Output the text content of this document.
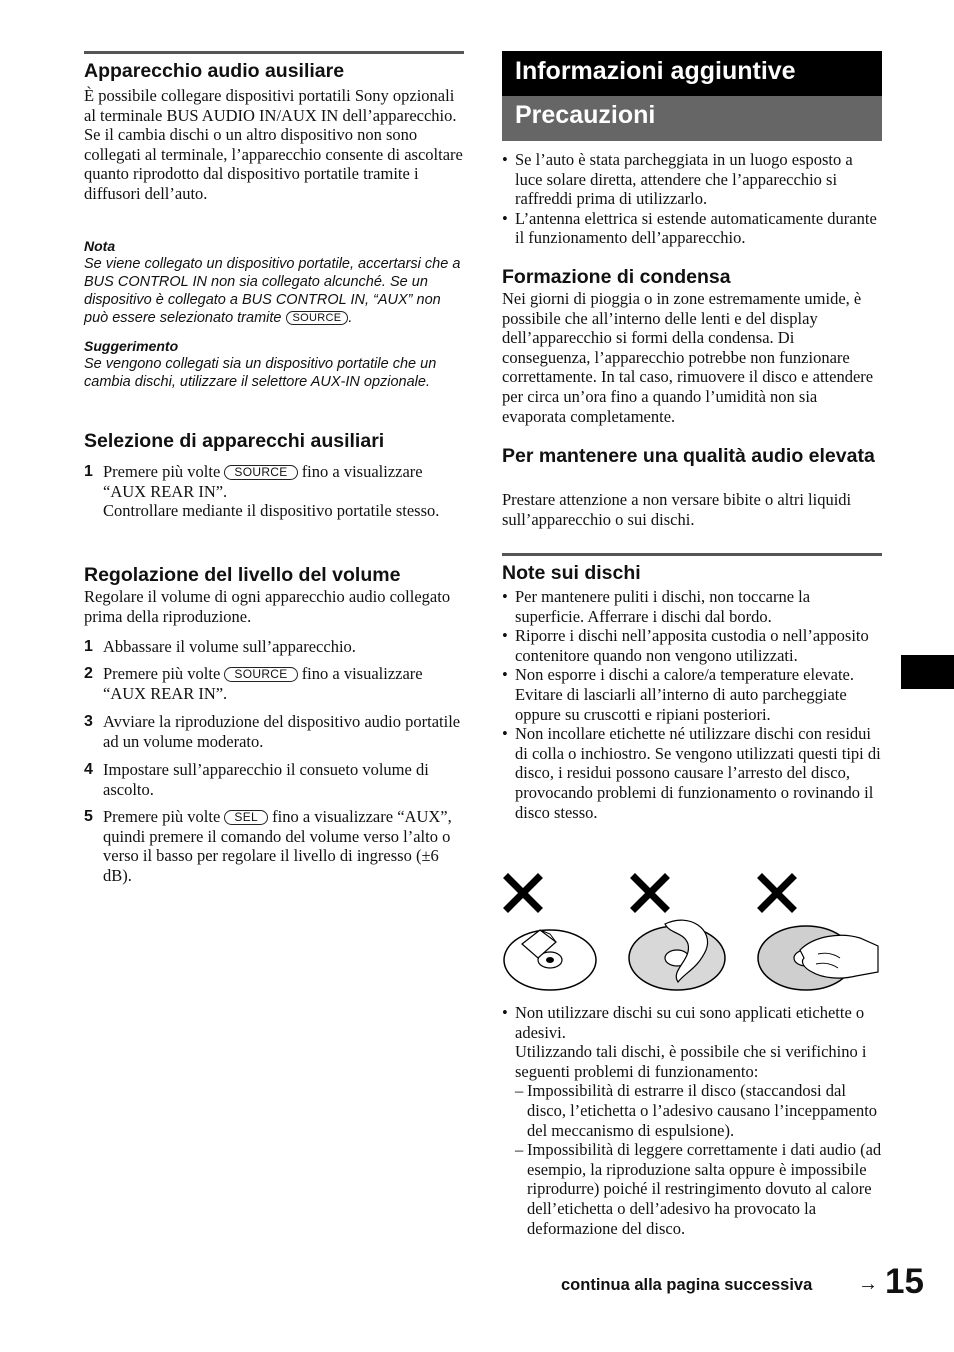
Apparecchio audio ausiliare

È possibile collegare dispositivi portatili Sony opzionali al terminale BUS AUDIO IN/AUX IN dell’apparecchio. Se il cambia dischi o un altro dispositivo non sono collegati al terminale, l’apparecchio consente di ascoltare quanto riprodotto dal dispositivo portatile tramite i diffusori dell’auto.

Nota

Se viene collegato un dispositivo portatile, accertarsi che a BUS CONTROL IN non sia collegato alcunché. Se un dispositivo è collegato a BUS CONTROL IN, “AUX” non può essere selezionato tramite SOURCE .

Suggerimento

Se vengono collegati sia un dispositivo portatile che un cambia dischi, utilizzare il selettore AUX-IN opzionale.

Selezione di apparecchi ausiliari
1 Premere più volte SOURCE fino a visualizzare “AUX REAR IN”.
Controllare mediante il dispositivo portatile stesso.
Regolazione del livello del volume

Regolare il volume di ogni apparecchio audio collegato prima della riproduzione.

1 Abbassare il volume sull’apparecchio.
2 Premere più volte SOURCE fino a visualizzare “AUX REAR IN”.
3 Avviare la riproduzione del dispositivo audio portatile ad un volume moderato.
4 Impostare sull’apparecchio il consueto volume di ascolto.
5 Premere più volte SEL fino a visualizzare “AUX”, quindi premere il comando del volume verso l’alto o verso il basso per regolare il livello di ingresso (±6 dB).
Informazioni aggiuntive
Precauzioni
• Se l’auto è stata parcheggiata in un luogo esposto a luce solare diretta, attendere che l’apparecchio si raffreddi prima di utilizzarlo.
• L’antenna elettrica si estende automaticamente durante il funzionamento dell’apparecchio.
Formazione di condensa

Nei giorni di pioggia o in zone estremamente umide, è possibile che all’interno delle lenti e del display dell’apparecchio si formi della condensa. Di conseguenza, l’apparecchio potrebbe non funzionare correttamente. In tal caso, rimuovere il disco e attendere per circa un’ora fino a quando l’umidità non sia evaporata completamente.

Per mantenere una qualità audio elevata

Prestare attenzione a non versare bibite o altri liquidi sull’apparecchio o sui dischi.

Note sui dischi
• Per mantenere puliti i dischi, non toccarne la superficie. Afferrare i dischi dal bordo.
• Riporre i dischi nell’apposita custodia o nell’apposito contenitore quando non vengono utilizzati.
• Non esporre i dischi a calore/a temperature elevate. Evitare di lasciarli all’interno di auto parcheggiate oppure su cruscotti e ripiani posteriori.
• Non incollare etichette né utilizzare dischi con residui di colla o inchiostro. Se vengono utilizzati questi tipi di disco, i residui possono causare l’arresto del disco, provocando problemi di funzionamento o rovinando il disco stesso.
• Non utilizzare dischi su cui sono applicati etichette o adesivi.
Utilizzando tali dischi, è possibile che si verifichino i seguenti problemi di funzionamento:
– Impossibilità di estrarre il disco (staccandosi dal disco, l’etichetta o l’adesivo causano l’inceppamento del meccanismo di espulsione).
– Impossibilità di leggere correttamente i dati audio (ad esempio, la riproduzione salta oppure è impossibile riprodurre) poiché il restringimento dovuto al calore dell’etichetta o dell’adesivo ha provocato la deformazione del disco.
continua alla pagina successiva → 15
